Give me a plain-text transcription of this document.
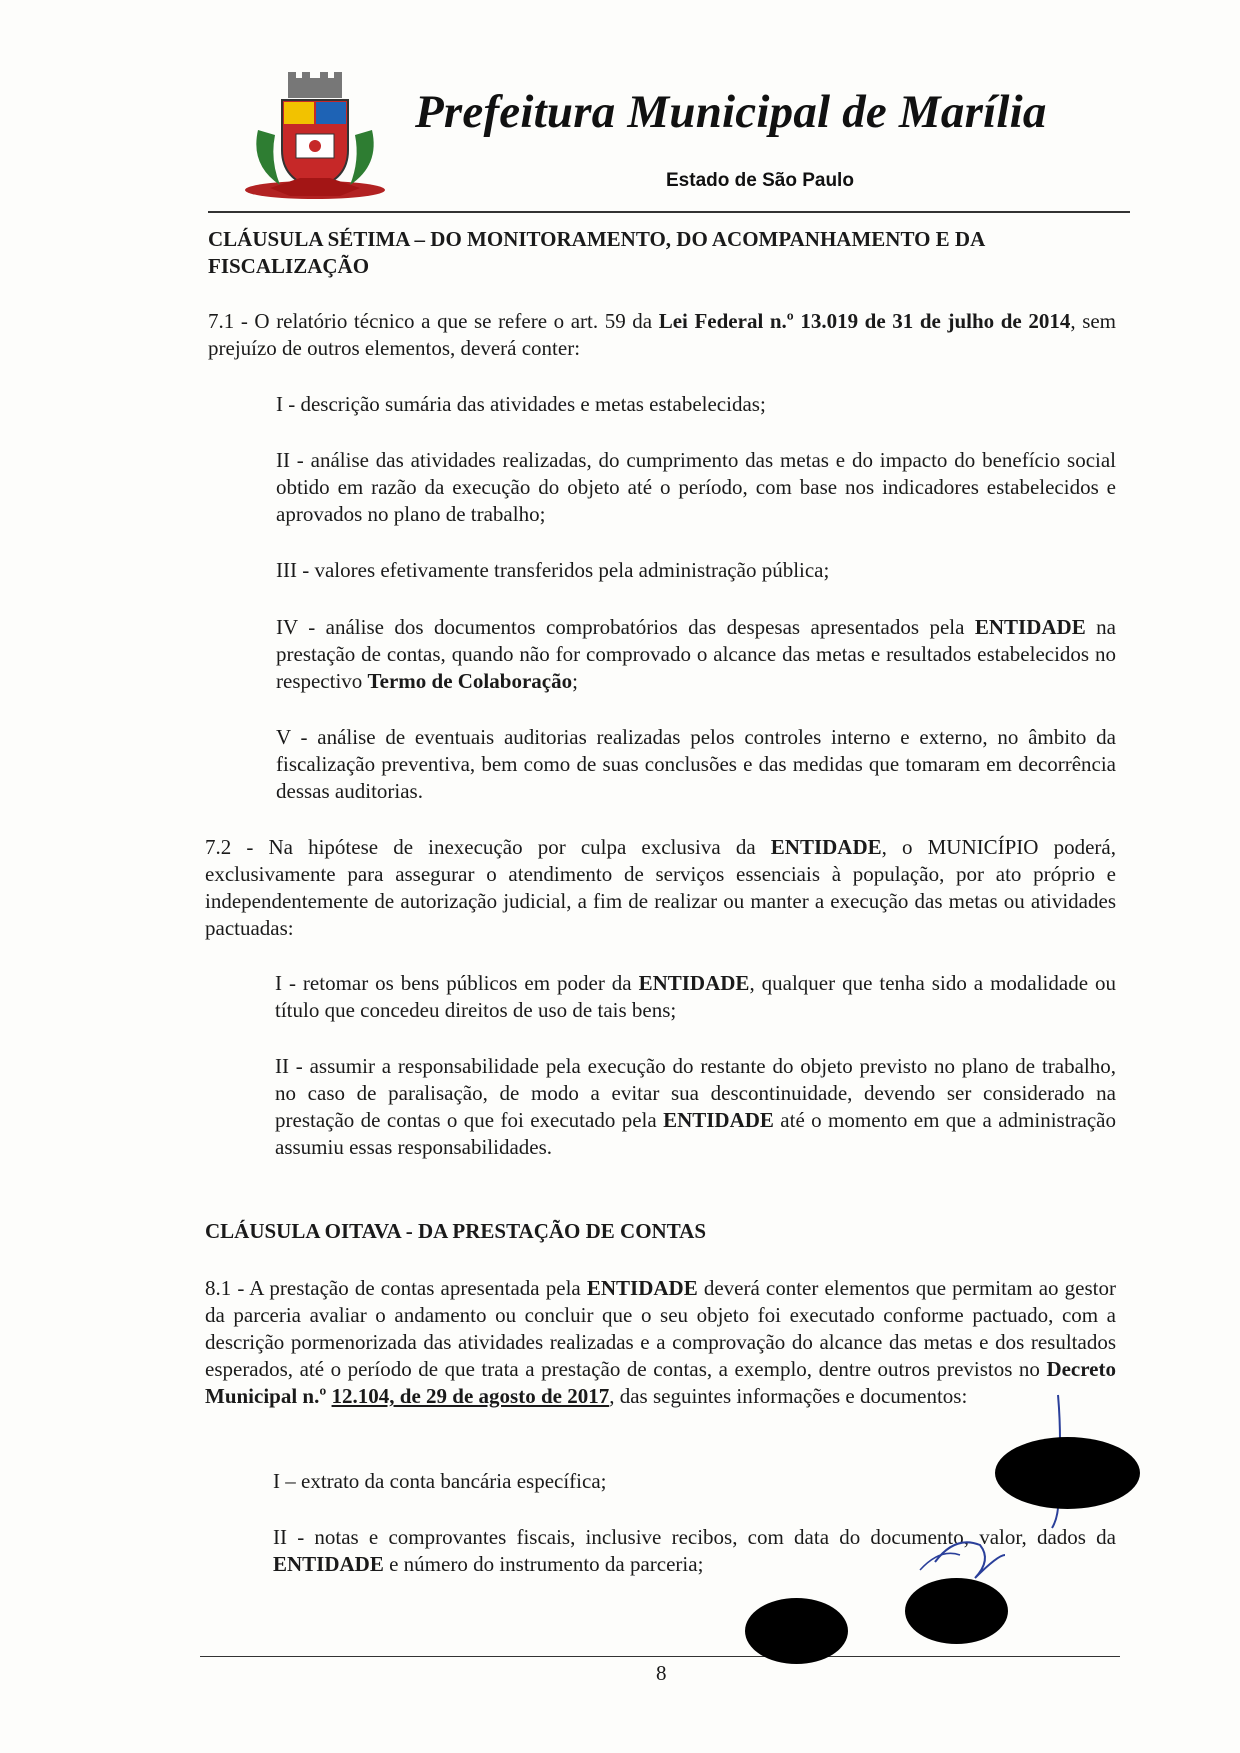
Prefeitura Municipal de Marília
Estado de São Paulo
CLÁUSULA SÉTIMA – DO MONITORAMENTO, DO ACOMPANHAMENTO E DA
FISCALIZAÇÃO
7.1 - O relatório técnico a que se refere o art. 59 da Lei Federal n.º 13.019 de 31 de julho de 2014, sem prejuízo de outros elementos, deverá conter:
I - descrição sumária das atividades e metas estabelecidas;
II - análise das atividades realizadas, do cumprimento das metas e do impacto do benefício social obtido em razão da execução do objeto até o período, com base nos indicadores estabelecidos e aprovados no plano de trabalho;
III - valores efetivamente transferidos pela administração pública;
IV - análise dos documentos comprobatórios das despesas apresentados pela ENTIDADE na prestação de contas, quando não for comprovado o alcance das metas e resultados estabelecidos no respectivo Termo de Colaboração;
V - análise de eventuais auditorias realizadas pelos controles interno e externo, no âmbito da fiscalização preventiva, bem como de suas conclusões e das medidas que tomaram em decorrência dessas auditorias.
7.2 - Na hipótese de inexecução por culpa exclusiva da ENTIDADE, o MUNICÍPIO poderá, exclusivamente para assegurar o atendimento de serviços essenciais à população, por ato próprio e independentemente de autorização judicial, a fim de realizar ou manter a execução das metas ou atividades pactuadas:
I - retomar os bens públicos em poder da ENTIDADE, qualquer que tenha sido a modalidade ou título que concedeu direitos de uso de tais bens;
II - assumir a responsabilidade pela execução do restante do objeto previsto no plano de trabalho, no caso de paralisação, de modo a evitar sua descontinuidade, devendo ser considerado na prestação de contas o que foi executado pela ENTIDADE até o momento em que a administração assumiu essas responsabilidades.
CLÁUSULA OITAVA - DA PRESTAÇÃO DE CONTAS
8.1 - A prestação de contas apresentada pela ENTIDADE deverá conter elementos que permitam ao gestor da parceria avaliar o andamento ou concluir que o seu objeto foi executado conforme pactuado, com a descrição pormenorizada das atividades realizadas e a comprovação do alcance das metas e dos resultados esperados, até o período de que trata a prestação de contas, a exemplo, dentre outros previstos no Decreto Municipal n.º 12.104, de 29 de agosto de 2017, das seguintes informações e documentos:
I – extrato da conta bancária específica;
II - notas e comprovantes fiscais, inclusive recibos, com data do documento, valor, dados da ENTIDADE e número do instrumento da parceria;
8
